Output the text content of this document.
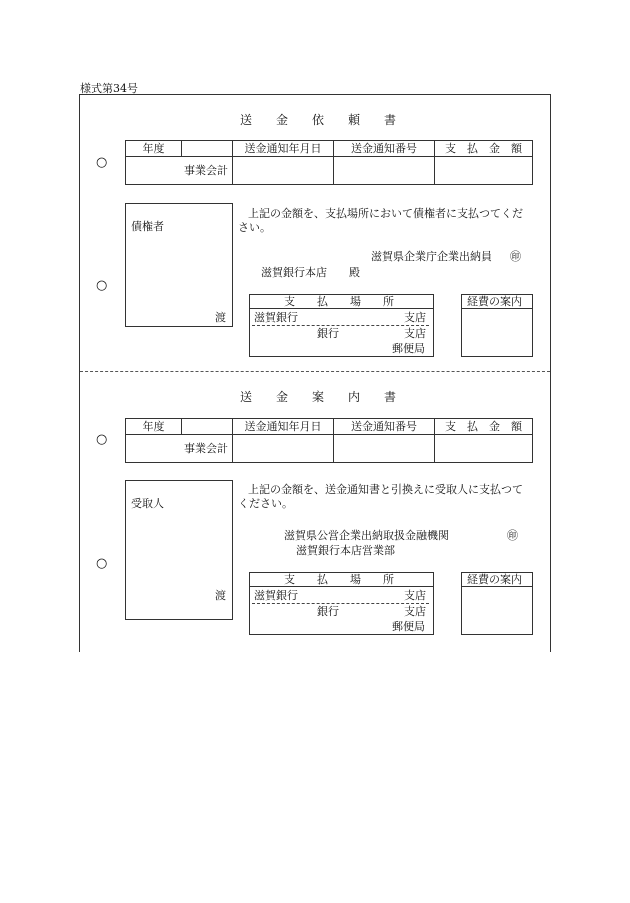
様式第34号
送　　金　　依　　頼　　書
○
年度		送金通知年月日	送金通知番号	支　払　金　額
事業会計				
債権者
渡
○
上記の金額を、支払場所において債権者に支払つてくだ
さい。
滋賀県企業庁企業出納員 ㊞
滋賀銀行本店　　殿
支　　払　　場　　所
滋賀銀行	支店
銀行	支店
郵便局
経費の案内
送　　金　　案　　内　　書
○
年度		送金通知年月日	送金通知番号	支　払　金　額
事業会計				
受取人
渡
○
上記の金額を、送金通知書と引換えに受取人に支払つて
ください。
滋賀県公営企業出納取扱金融機関	㊞
滋賀銀行本店営業部
支　　払　　場　　所
滋賀銀行	支店
銀行	支店
郵便局
経費の案内
